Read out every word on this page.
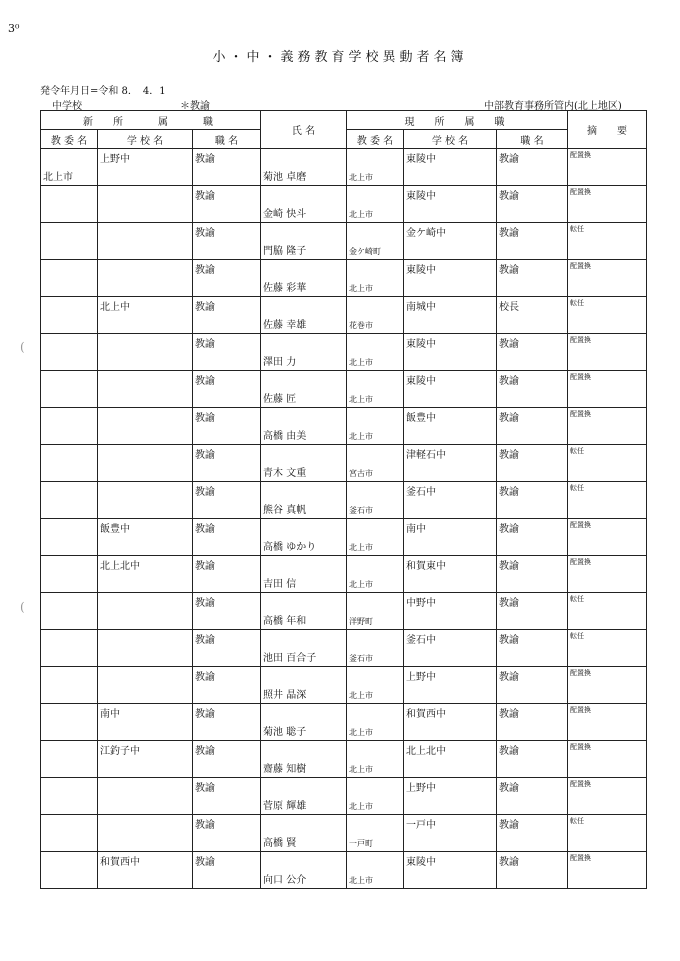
3⁰
小・中・義務教育学校異動者名簿
発令年月日=令和 8．　4．1
中学校	＊教諭	中部教育事務所管内(北上地区)
(
(
新　所　　属　　職			氏 名	現　所　属　職			摘　　要
教 委 名	学 校 名	職 名		教 委 名	学 校 名	職 名	

北上市	上野中	教諭	菊池 卓磨	北上市	東陵中	教諭	配置換

		教諭	金崎 快斗	北上市	東陵中	教諭	配置換

		教諭	門脇 隆子	金ケ崎町	金ケ崎中	教諭	転任

		教諭	佐藤 彩華	北上市	東陵中	教諭	配置換

	北上中	教諭	佐藤 幸雄	花巻市	南城中	校長	転任

		教諭	澤田 力	北上市	東陵中	教諭	配置換

		教諭	佐藤 匠	北上市	東陵中	教諭	配置換

		教諭	高橋 由美	北上市	飯豊中	教諭	配置換

		教諭	青木 文重	宮古市	津軽石中	教諭	転任

		教諭	熊谷 真帆	釜石市	釜石中	教諭	転任

	飯豊中	教諭	高橋 ゆかり	北上市	南中	教諭	配置換

	北上北中	教諭	吉田 信	北上市	和賀東中	教諭	配置換

		教諭	高橋 年和	洋野町	中野中	教諭	転任

		教諭	池田 百合子	釜石市	釜石中	教諭	転任

		教諭	照井 晶深	北上市	上野中	教諭	配置換

	南中	教諭	菊池 聡子	北上市	和賀西中	教諭	配置換

	江釣子中	教諭	齋藤 知樹	北上市	北上北中	教諭	配置換

		教諭	菅原 輝雄	北上市	上野中	教諭	配置換

		教諭	高橋 賢	一戸町	一戸中	教諭	転任

	和賀西中	教諭	向口 公介	北上市	東陵中	教諭	配置換
